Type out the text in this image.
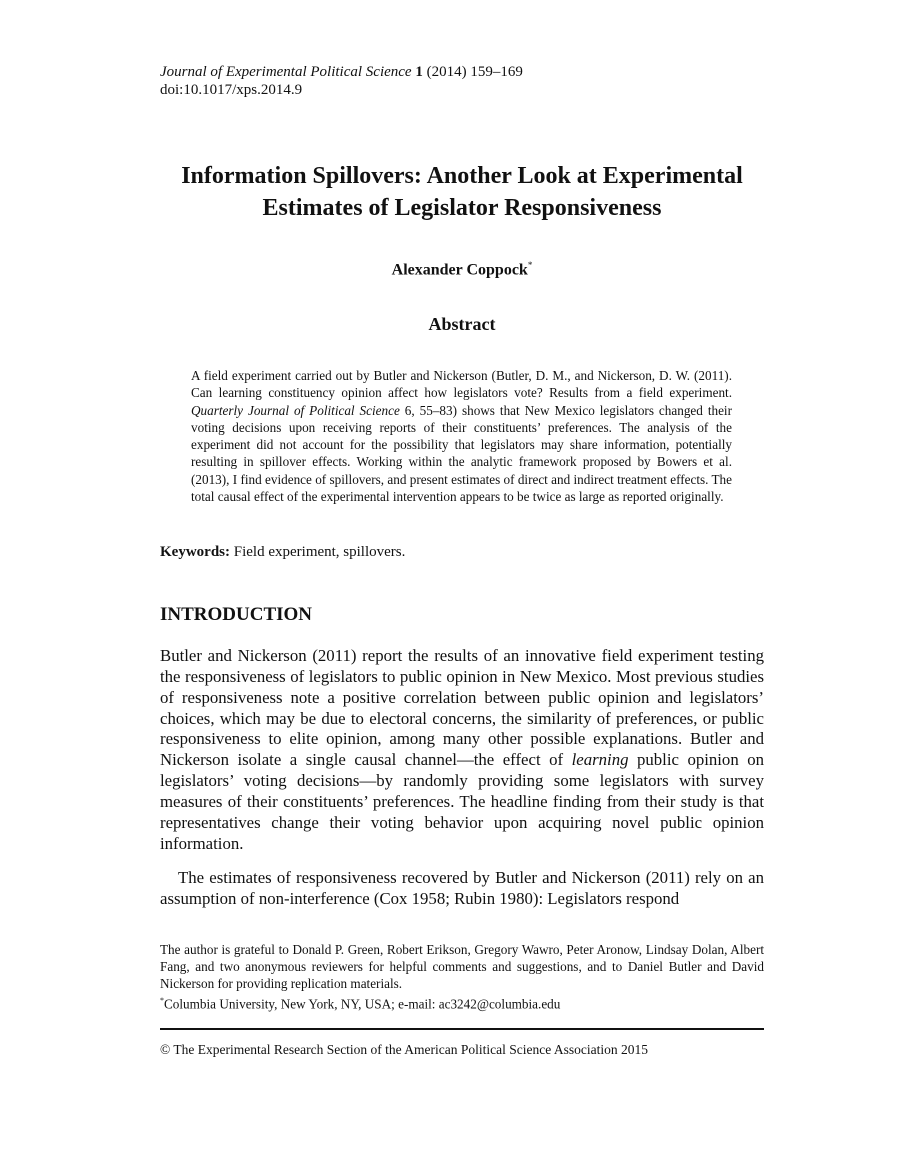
Journal of Experimental Political Science 1 (2014) 159–169
doi:10.1017/xps.2014.9
Information Spillovers: Another Look at Experimental
Estimates of Legislator Responsiveness
Alexander Coppock*
Abstract
A field experiment carried out by Butler and Nickerson (Butler, D. M., and Nickerson, D. W. (2011). Can learning constituency opinion affect how legislators vote? Results from a field experiment. Quarterly Journal of Political Science 6, 55–83) shows that New Mexico legislators changed their voting decisions upon receiving reports of their constituents’ preferences. The analysis of the experiment did not account for the possibility that legislators may share information, potentially resulting in spillover effects. Working within the analytic framework proposed by Bowers et al. (2013), I find evidence of spillovers, and present estimates of direct and indirect treatment effects. The total causal effect of the experimental intervention appears to be twice as large as reported originally.
Keywords: Field experiment, spillovers.
INTRODUCTION

Butler and Nickerson (2011) report the results of an innovative field experiment testing the responsiveness of legislators to public opinion in New Mexico. Most previous studies of responsiveness note a positive correlation between public opinion and legislators’ choices, which may be due to electoral concerns, the similarity of preferences, or public responsiveness to elite opinion, among many other possible explanations. Butler and Nickerson isolate a single causal channel—the effect of learning public opinion on legislators’ voting decisions—by randomly providing some legislators with survey measures of their constituents’ preferences. The headline finding from their study is that representatives change their voting behavior upon acquiring novel public opinion information.

The estimates of responsiveness recovered by Butler and Nickerson (2011) rely on an assumption of non-interference (Cox 1958; Rubin 1980): Legislators respond

The author is grateful to Donald P. Green, Robert Erikson, Gregory Wawro, Peter Aronow, Lindsay Dolan, Albert Fang, and two anonymous reviewers for helpful comments and suggestions, and to Daniel Butler and David Nickerson for providing replication materials.

*Columbia University, New York, NY, USA; e-mail: ac3242@columbia.edu

© The Experimental Research Section of the American Political Science Association 2015
